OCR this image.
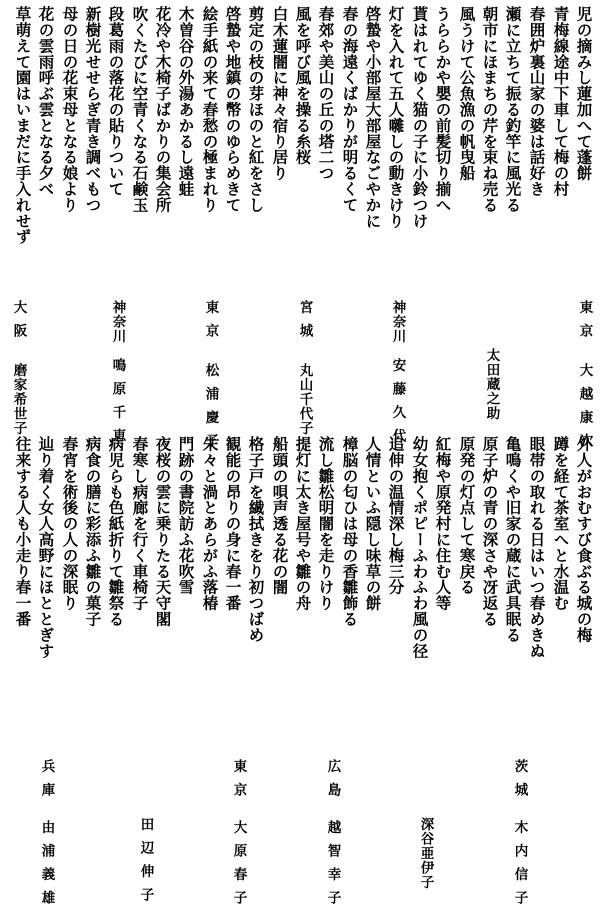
児の摘みし蓮加へて蓬餅
青梅線途中下車して梅の村
春囲炉裏山家の婆は話好き
瀬に立ちて振る釣竿に風光る
朝市にほまちの芹を束ね売る
風うけて公魚漁の帆曳船
うららかや嬰の前髪切り揃へ
貰はれてゆく猫の子に小鈴つけ
灯を入れて五人囃しの動きけり
啓蟄や小部屋大部屋なごやかに
春の海遠くばかりが明るくて
春郊や美山の丘の塔二つ
風を呼び風を操る糸桜
白木蓮闇に神々宿り居り
剪定の枝の芽ほのと紅をさし
啓蟄や地鎮の幣のゆらめきて
絵手紙の来て春愁の極まれり
木曽谷の外湯あかるし遠蛙
花冷や木椅子ばかりの集会所
吹くたびに空青くなる石鹸玉
段葛雨の落花の貼りついて
新樹光せせらぎ青き調べもつ
母の日の花束母となる娘より
花の雲雨呼ぶ雲となる夕べ
草萌えて園はいまだに手入れせず
東京大越康次
太田蔵之助
神奈川安藤久代
宮城丸山千代子
東京松浦慶子
神奈川鳴原千恵
大阪磨家希世子
外人がおむすび食ぶる城の梅
蹲を経て茶室へと水温む
眼帯の取れる日はいつ春めきぬ
亀鳴くや旧家の蔵に武具眠る
原子炉の青の深さや冴返る
原発の灯点して寒戻る
紅梅や原発村に住む人等
幼女抱くポピーふわふわ風の径
追伸の温情深し梅三分
人情といふ隠し味草の餅
樟脳の匂ひは母の香雛飾る
流し雛松明闇を走りけり
提灯に太き屋号や雛の舟
船頭の唄声透る花の闇
格子戸を繊拭きをり初つばめ
観能の昂りの身に春一番
朱々と渦とあらがふ落椿
門跡の書院訪ふ花吹雪
夜桜の雲に乗りたる天守閣
春寒し病廊を行く車椅子
病児らも色紙折りて雛祭る
病食の膳に彩添ふ雛の菓子
春宵を術後の人の深眠り
辿り着く女人高野にほととぎす
往来する人も小走り春一番
茨城木内信子
深谷亜伊子
広島越智幸子
東京大原春子
田辺伸子
兵庫由浦義雄
